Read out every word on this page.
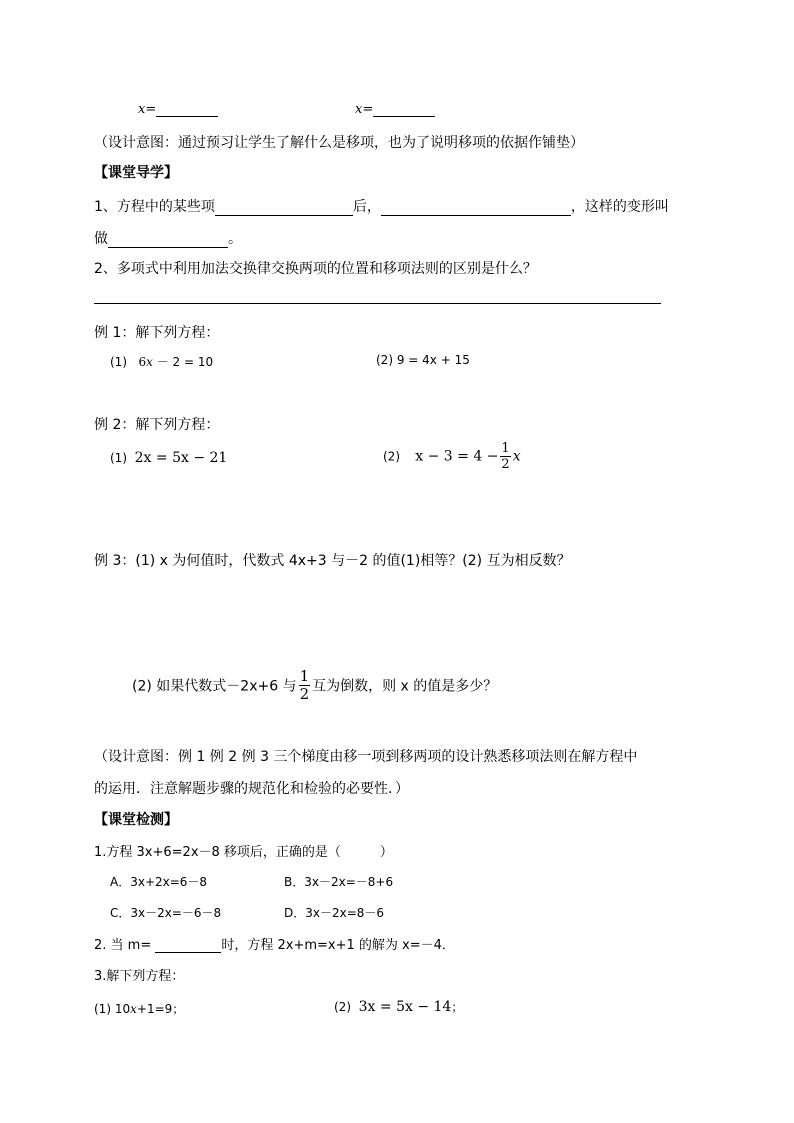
x=	x=
（设计意图：通过预习让学生了解什么是移项，也为了说明移项的依据作铺垫）
【课堂导学】
1、方程中的某些项	后，	，这样的变形叫
做	。
2、多项式中利用加法交换律交换两项的位置和移项法则的区别是什么？
例 1：解下列方程：
(1) 6x － 2 = 10	(2) 9 = 4x + 15
例 2：解下列方程：
(1) 2x = 5x − 21	(2) $x - 3 = 4 - \frac{1}{2}$ x
例 3：(1) x 为何值时，代数式 4x+3 与－2 的值(1)相等？(2) 互为相反数？
(2) 如果代数式－2x+6 与 $\frac{1}{2}$ 互为倒数，则 x 的值是多少？
（设计意图：例 1 例 2 例 3 三个梯度由移一项到移两项的设计熟悉移项法则在解方程中
的运用．注意解题步骤的规范化和检验的必要性．）
【课堂检测】
1.方程 3x+6=2x－8 移项后，正确的是（　　　）
A．3x+2x=6－8	B．3x－2x=－8+6
C．3x－2x=－6－8	D．3x－2x=8－6
2. 当 m=	时，方程 2x+m=x+1 的解为 x=－4．
3.解下列方程：
(1) 10x+1=9；	(2) 3x = 5x − 14；
